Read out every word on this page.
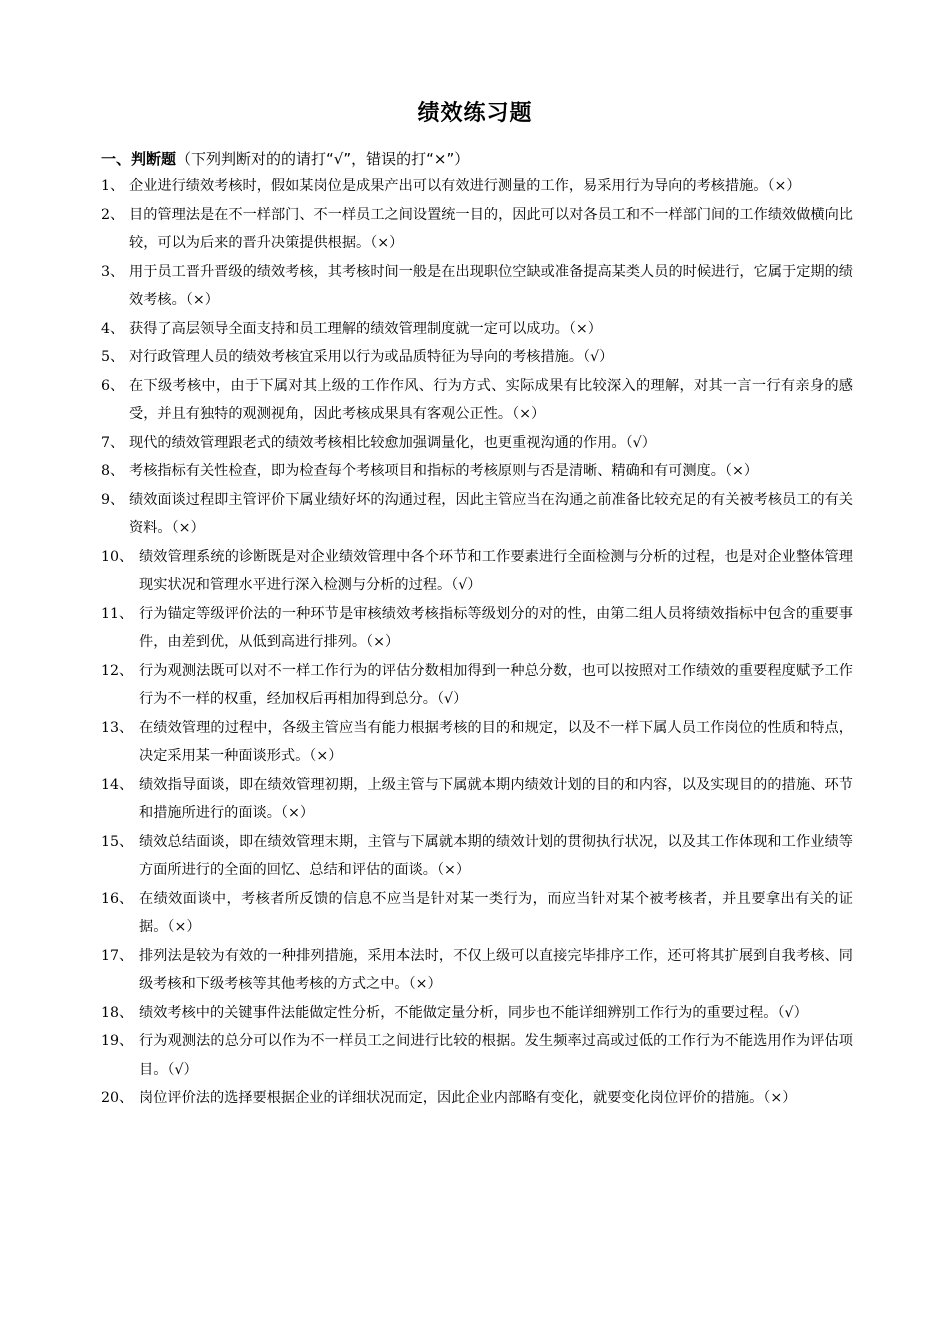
绩效练习题
一、判断题（下列判断对的的请打“√”，错误的打“×”）
1、 企业进行绩效考核时，假如某岗位是成果产出可以有效进行测量的工作，易采用行为导向的考核措施。（×）
2、 目的管理法是在不一样部门、不一样员工之间设置统一目的，因此可以对各员工和不一样部门间的工作绩效做横向比较，可以为后来的晋升决策提供根据。（×）
3、 用于员工晋升晋级的绩效考核，其考核时间一般是在出现职位空缺或准备提高某类人员的时候进行，它属于定期的绩效考核。（×）
4、 获得了高层领导全面支持和员工理解的绩效管理制度就一定可以成功。（×）
5、 对行政管理人员的绩效考核宜采用以行为或品质特征为导向的考核措施。（√）
6、 在下级考核中，由于下属对其上级的工作作风、行为方式、实际成果有比较深入的理解，对其一言一行有亲身的感受，并且有独特的观测视角，因此考核成果具有客观公正性。（×）
7、 现代的绩效管理跟老式的绩效考核相比较愈加强调量化，也更重视沟通的作用。（√）
8、 考核指标有关性检查，即为检查每个考核项目和指标的考核原则与否是清晰、精确和有可测度。（×）
9、 绩效面谈过程即主管评价下属业绩好坏的沟通过程，因此主管应当在沟通之前准备比较充足的有关被考核员工的有关资料。（×）
10、 绩效管理系统的诊断既是对企业绩效管理中各个环节和工作要素进行全面检测与分析的过程，也是对企业整体管理现实状况和管理水平进行深入检测与分析的过程。（√）
11、 行为锚定等级评价法的一种环节是审核绩效考核指标等级划分的对的性，由第二组人员将绩效指标中包含的重要事件，由差到优，从低到高进行排列。（×）
12、 行为观测法既可以对不一样工作行为的评估分数相加得到一种总分数，也可以按照对工作绩效的重要程度赋予工作行为不一样的权重，经加权后再相加得到总分。（√）
13、 在绩效管理的过程中，各级主管应当有能力根据考核的目的和规定，以及不一样下属人员工作岗位的性质和特点，决定采用某一种面谈形式。（×）
14、 绩效指导面谈，即在绩效管理初期，上级主管与下属就本期内绩效计划的目的和内容，以及实现目的的措施、环节和措施所进行的面谈。（×）
15、 绩效总结面谈，即在绩效管理末期，主管与下属就本期的绩效计划的贯彻执行状况，以及其工作体现和工作业绩等方面所进行的全面的回忆、总结和评估的面谈。（×）
16、 在绩效面谈中，考核者所反馈的信息不应当是针对某一类行为，而应当针对某个被考核者，并且要拿出有关的证据。（×）
17、 排列法是较为有效的一种排列措施，采用本法时，不仅上级可以直接完毕排序工作，还可将其扩展到自我考核、同级考核和下级考核等其他考核的方式之中。（×）
18、 绩效考核中的关键事件法能做定性分析，不能做定量分析，同步也不能详细辨别工作行为的重要过程。（√）
19、 行为观测法的总分可以作为不一样员工之间进行比较的根据。发生频率过高或过低的工作行为不能选用作为评估项目。（√）
20、 岗位评价法的选择要根据企业的详细状况而定，因此企业内部略有变化，就要变化岗位评价的措施。（×）
